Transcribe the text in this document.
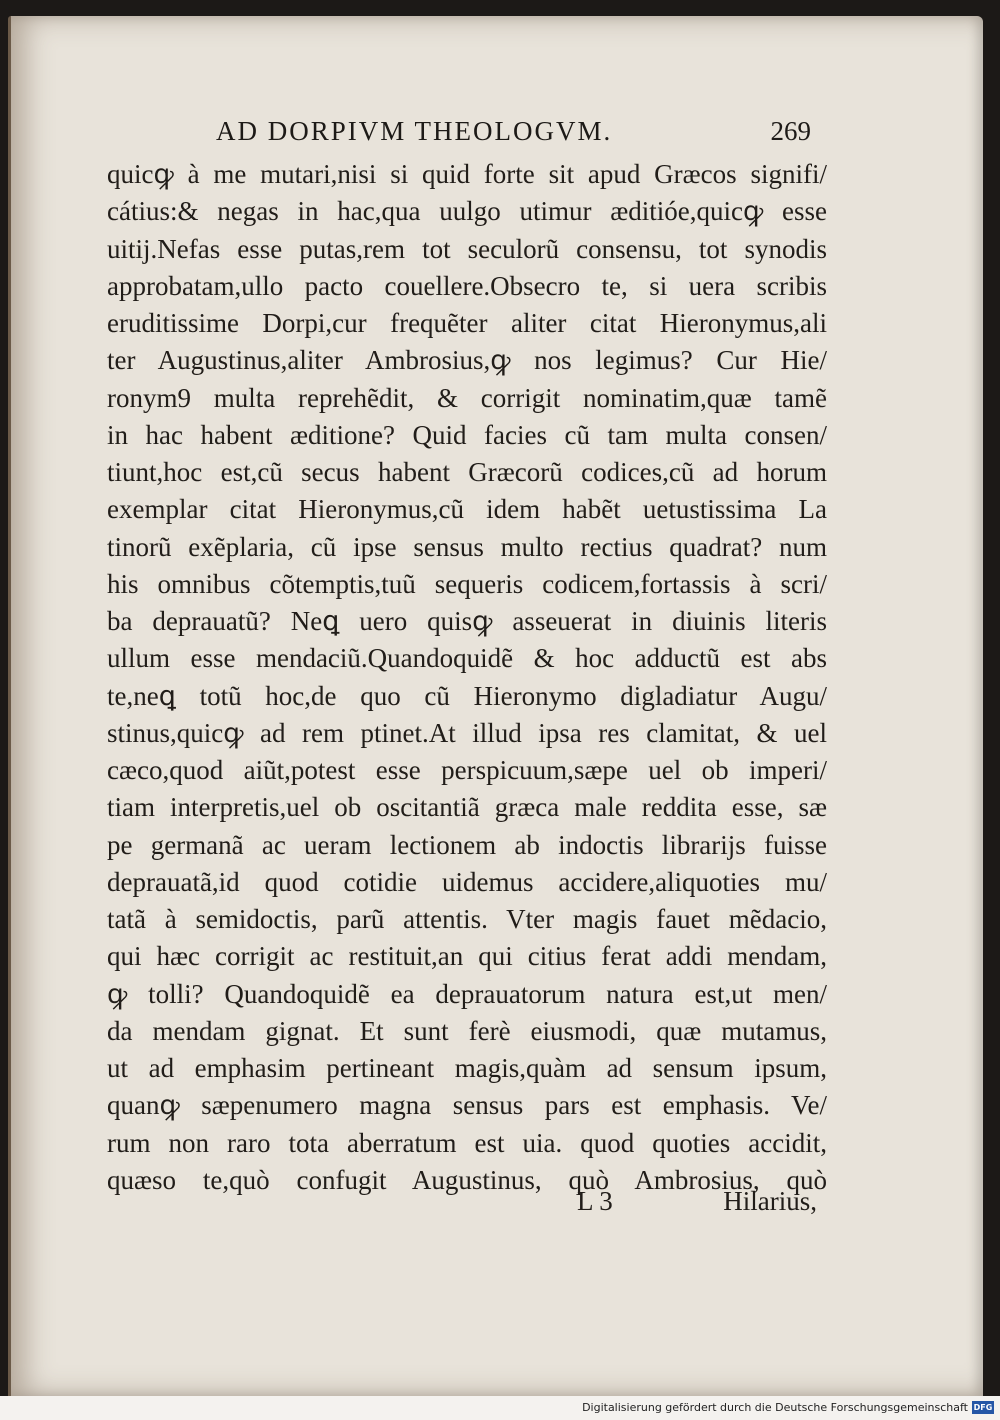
AD DORPIVM THEOLOGVM.	269
quicꝙ à me mutari,nisi si quid forte sit apud Græcos signifi/
cátius:& negas in hac,qua uulgo utimur æditióe,quicꝙ esse
uitij.Nefas esse putas,rem tot seculorũ consensu, tot synodis
approbatam,ullo pacto couellere.Obsecro te, si uera scribis
eruditissime Dorpi,cur frequẽter aliter citat Hieronymus,ali
ter Augustinus,aliter Ambrosius,ꝙ nos legimus? Cur Hie/
ronym9 multa reprehẽdit, & corrigit nominatim,quæ tamẽ
in hac habent æditione? Quid facies cũ tam multa consen/
tiunt,hoc est,cũ secus habent Græcorũ codices,cũ ad horum
exemplar citat Hieronymus,cũ idem habẽt uetustissima La
tinorũ exẽplaria, cũ ipse sensus multo rectius quadrat? num
his omnibus cõtemptis,tuũ sequeris codicem,fortassis à scri/
ba deprauatũ? Neꝗ uero quisꝙ asseuerat in diuinis literis
ullum esse mendaciũ.Quandoquidẽ & hoc adductũ est abs
te,neꝗ totũ hoc,de quo cũ Hieronymo digladiatur Augu/
stinus,quicꝙ ad rem ptinet.At illud ipsa res clamitat, & uel
cæco,quod aiũt,potest esse perspicuum,sæpe uel ob imperi/
tiam interpretis,uel ob oscitantiã græca male reddita esse, sæ
pe germanã ac ueram lectionem ab indoctis librarijs fuisse
deprauatã,id quod cotidie uidemus accidere,aliquoties mu/
tatã à semidoctis, parũ attentis. Vter magis fauet mẽdacio,
qui hæc corrigit ac restituit,an qui citius ferat addi mendam,
ꝙ tolli? Quandoquidẽ ea deprauatorum natura est,ut men/
da mendam gignat. Et sunt ferè eiusmodi, quæ mutamus,
ut ad emphasim pertineant magis,quàm ad sensum ipsum,
quanꝙ sæpenumero magna sensus pars est emphasis. Ve/
rum non raro tota aberratum est uia. quod quoties accidit,
quæso te,quò confugit Augustinus, quò Ambrosius, quò
L 3	Hilarius,
Digitalisierung gefördert durch die Deutsche Forschungsgemeinschaft DFG
